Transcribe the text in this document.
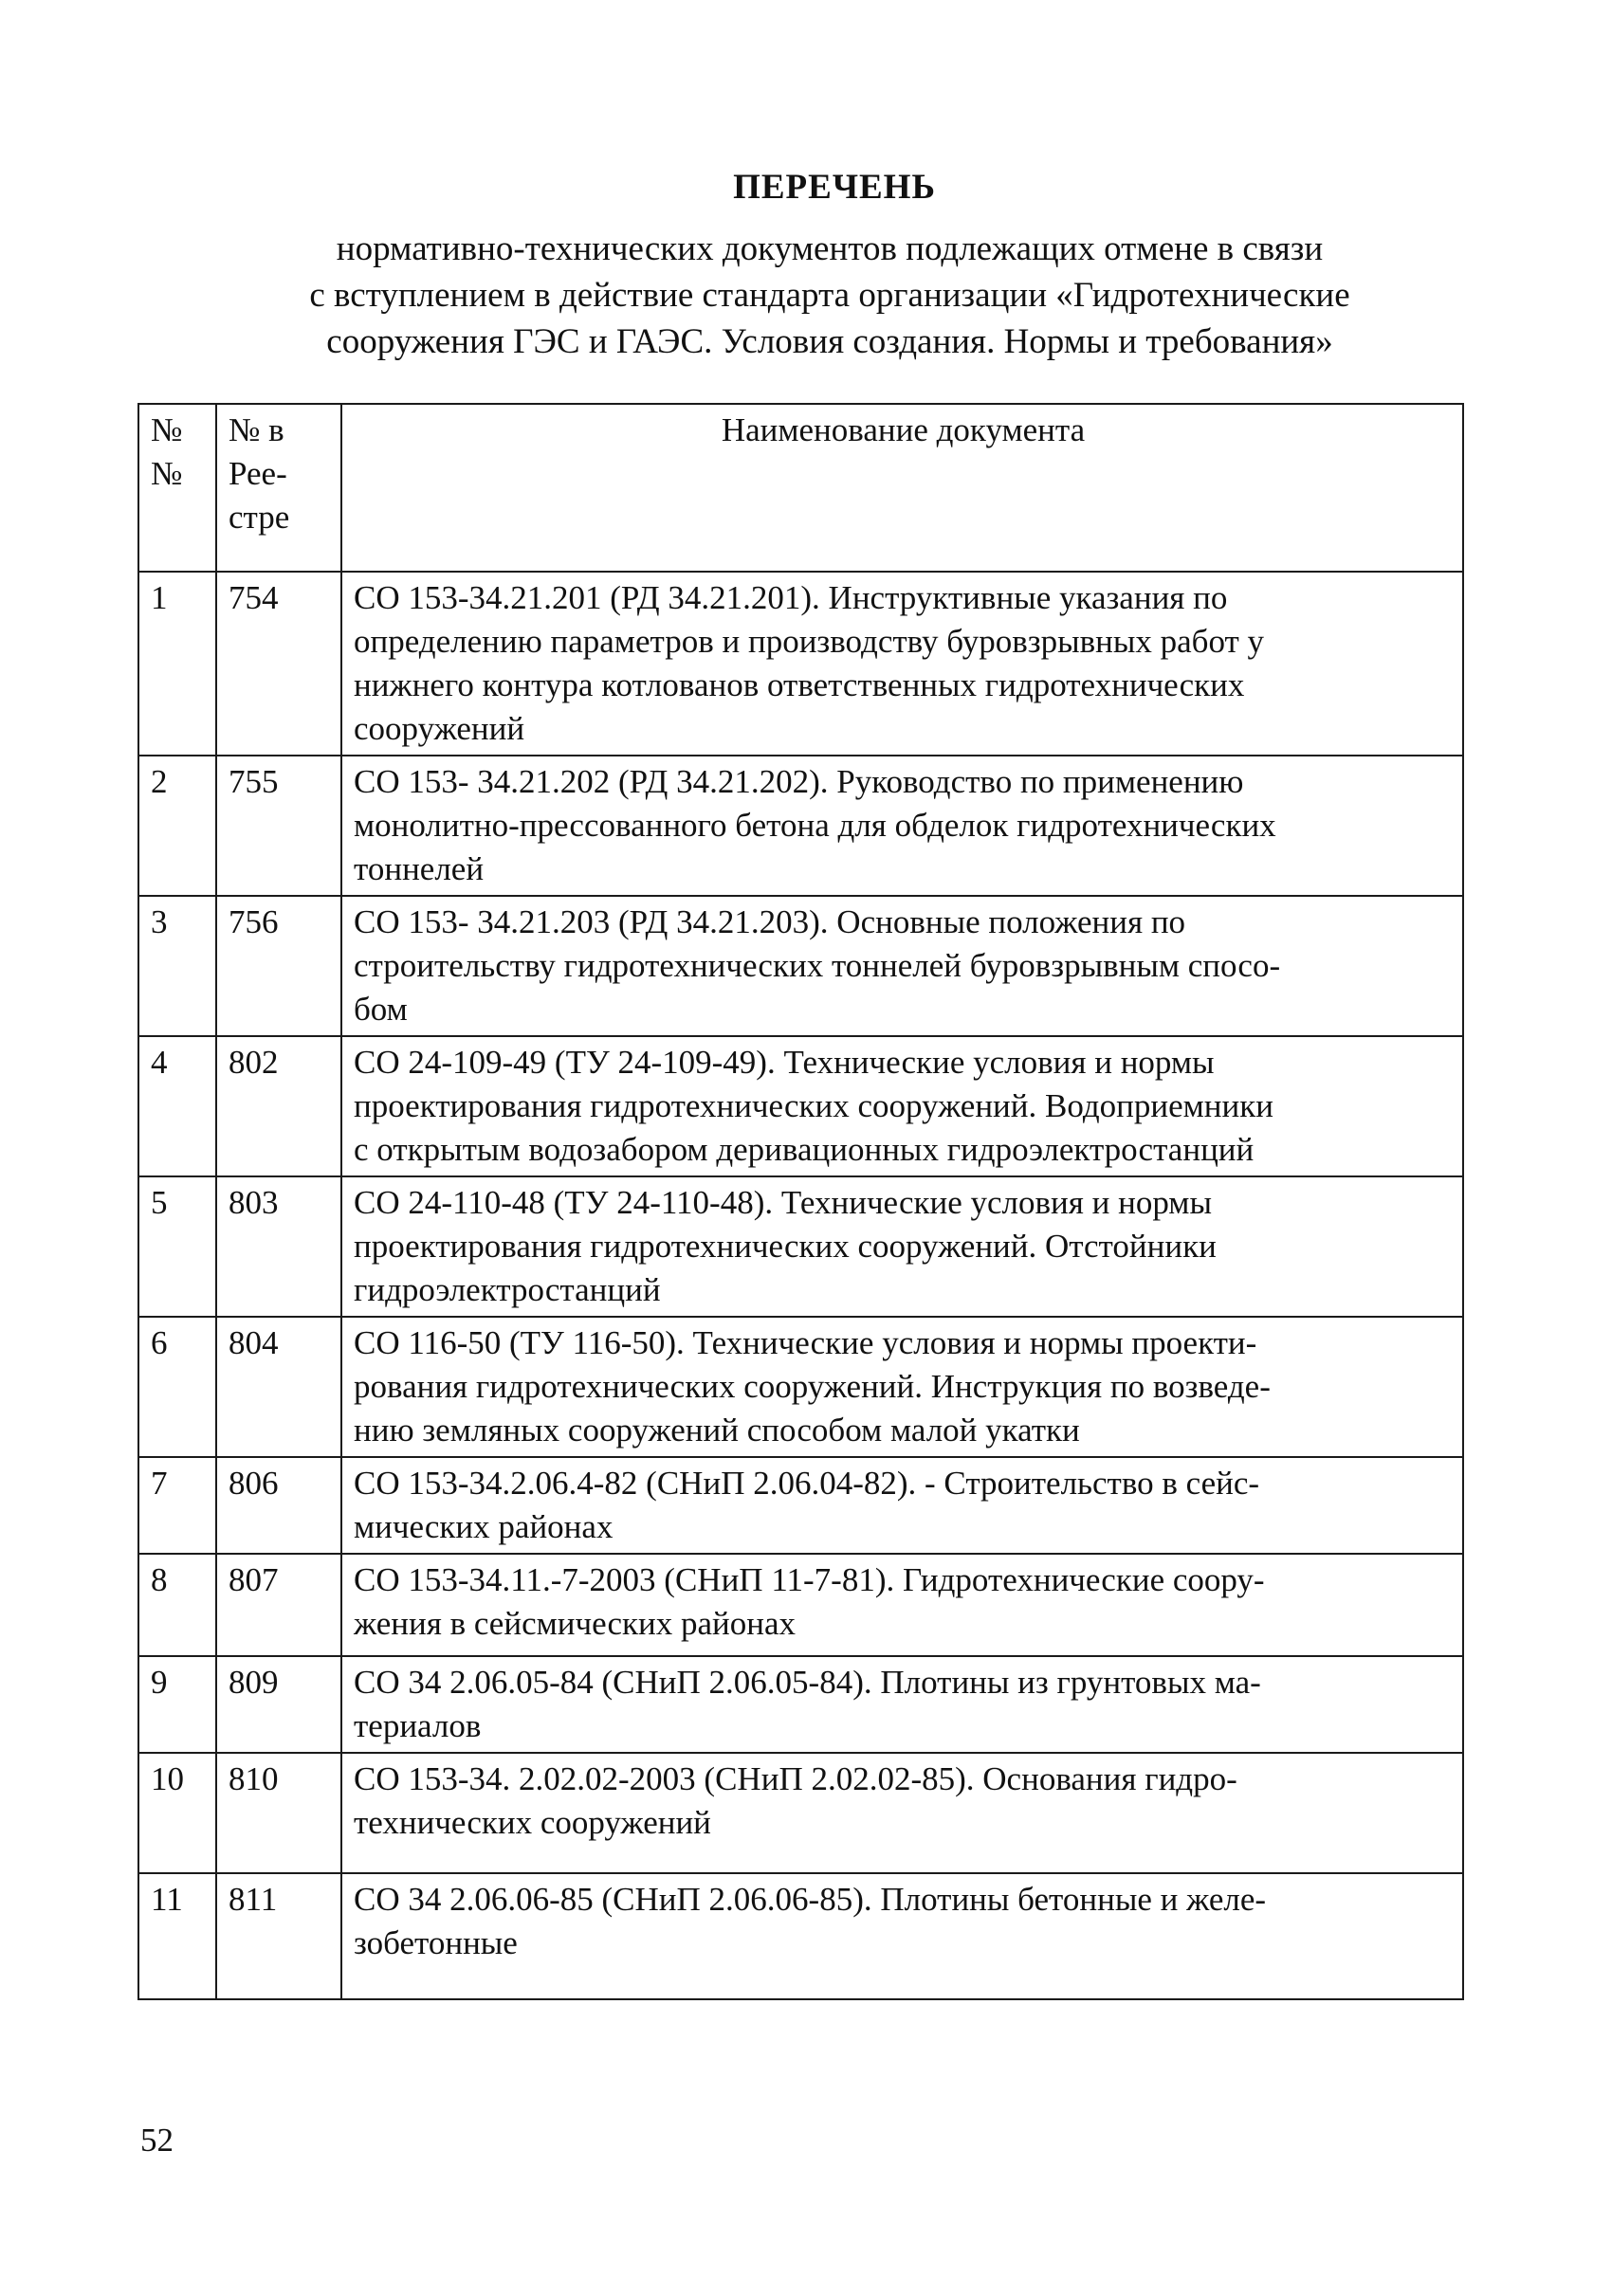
ПЕРЕЧЕНЬ
нормативно-технических документов подлежащих отмене в связи
с вступлением в действие стандарта организации «Гидротехнические
сооружения ГЭС и ГАЭС. Условия создания. Нормы и требования»
№ №	№ в Рее- стре	Наименование документа
1	754	СО 153-34.21.201 (РД 34.21.201). Инструктивные указания по
определению параметров и производству буровзрывных работ у
нижнего контура котлованов ответственных гидротехнических
сооружений

2	755	СО 153- 34.21.202 (РД 34.21.202). Руководство по применению
монолитно-прессованного бетона для обделок гидротехнических
тоннелей

3	756	СО 153- 34.21.203 (РД 34.21.203). Основные положения по
строительству гидротехнических тоннелей буровзрывным спосо-
бом

4	802	СО 24-109-49 (ТУ 24-109-49). Технические условия и нормы
проектирования гидротехнических сооружений. Водоприемники
с открытым водозабором деривационных гидроэлектростанций

5	803	СО 24-110-48 (ТУ 24-110-48). Технические условия и нормы
проектирования гидротехнических сооружений. Отстойники
гидроэлектростанций

6	804	СО 116-50 (ТУ 116-50). Технические условия и нормы проекти-
рования гидротехнических сооружений. Инструкция по возведе-
нию земляных сооружений способом малой укатки

7	806	СО 153-34.2.06.4-82 (СНиП 2.06.04-82). - Строительство в сейс-
мических районах

8	807	СО 153-34.11.-7-2003 (СНиП 11-7-81). Гидротехнические соору-
жения в сейсмических районах

9	809	СО 34 2.06.05-84 (СНиП 2.06.05-84). Плотины из грунтовых ма-
териалов

10	810	СО 153-34. 2.02.02-2003 (СНиП 2.02.02-85). Основания гидро-
технических сооружений

11	811	СО 34 2.06.06-85 (СНиП 2.06.06-85). Плотины бетонные и желе-
зобетонные
52
